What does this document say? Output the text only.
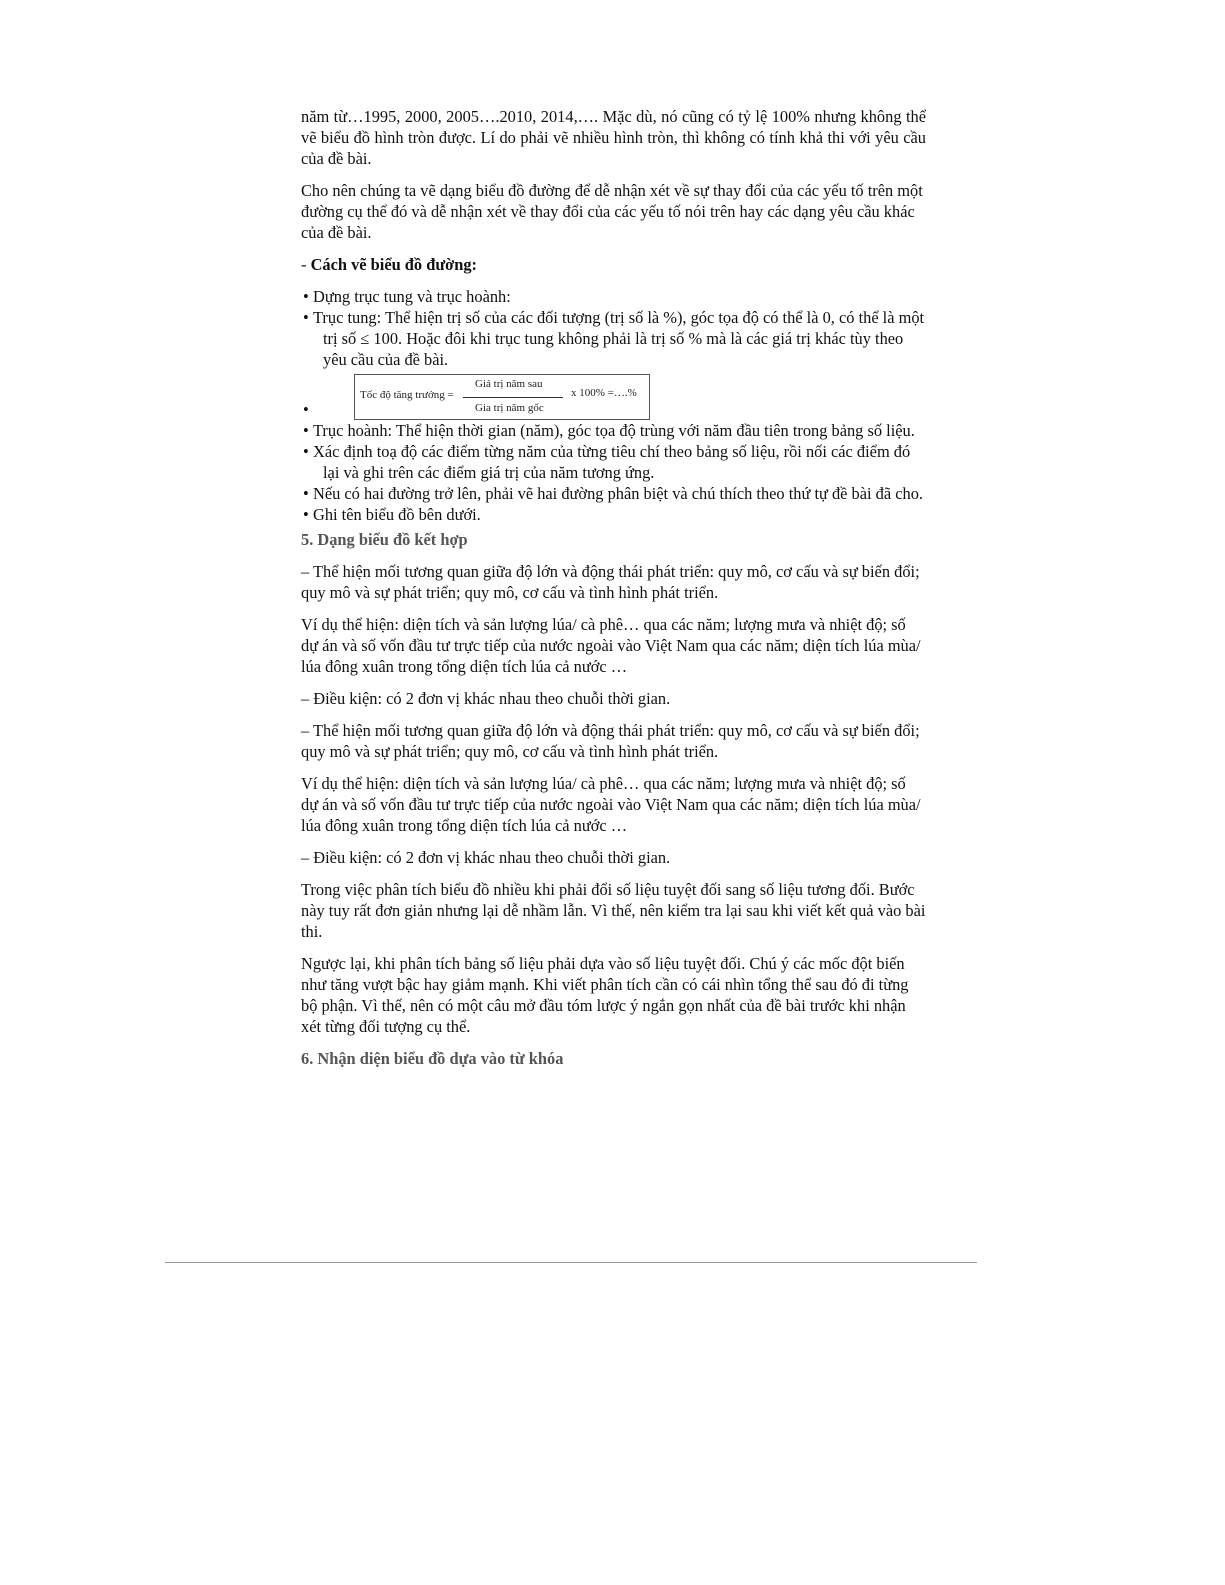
năm từ…1995, 2000, 2005….2010, 2014,…. Mặc dù, nó cũng có tỷ lệ 100% nhưng không thể vẽ biểu đồ hình tròn được. Lí do phải vẽ nhiều hình tròn, thì không có tính khả thi với yêu cầu của đề bài.

Cho nên chúng ta vẽ dạng biểu đồ đường để dễ nhận xét về sự thay đổi của các yếu tố trên một đường cụ thể đó và dễ nhận xét về thay đổi của các yếu tố nói trên hay các dạng yêu cầu khác của đề bài.

- Cách vẽ biểu đồ đường:

• Dựng trục tung và trục hoành:
• Trục tung: Thể hiện trị số của các đối tượng (trị số là %), góc tọa độ có thể là 0, có thể là một trị số ≤ 100. Hoặc đôi khi trục tung không phải là trị số % mà là các giá trị khác tùy theo yêu cầu của đề bài.
•
Tốc độ tăng trưởng =
Giá trị năm sau
Gia trị năm gốc
x 100% =….%
• Trục hoành: Thể hiện thời gian (năm), góc tọa độ trùng với năm đầu tiên trong bảng số liệu.
• Xác định toạ độ các điểm từng năm của từng tiêu chí theo bảng số liệu, rồi nối các điểm đó lại và ghi trên các điểm giá trị của năm tương ứng.
• Nếu có hai đường trở lên, phải vẽ hai đường phân biệt và chú thích theo thứ tự đề bài đã cho.
• Ghi tên biểu đồ bên dưới.
5. Dạng biểu đồ kết hợp

– Thể hiện mối tương quan giữa độ lớn và động thái phát triển: quy mô, cơ cấu và sự biến đổi; quy mô và sự phát triển; quy mô, cơ cấu và tình hình phát triển.

Ví dụ thể hiện: diện tích và sản lượng lúa/ cà phê… qua các năm; lượng mưa và nhiệt độ; số dự án và số vốn đầu tư trực tiếp của nước ngoài vào Việt Nam qua các năm; diện tích lúa mùa/ lúa đông xuân trong tổng diện tích lúa cả nước …

– Điều kiện: có 2 đơn vị khác nhau theo chuỗi thời gian.

– Thể hiện mối tương quan giữa độ lớn và động thái phát triển: quy mô, cơ cấu và sự biến đổi; quy mô và sự phát triển; quy mô, cơ cấu và tình hình phát triển.

Ví dụ thể hiện: diện tích và sản lượng lúa/ cà phê… qua các năm; lượng mưa và nhiệt độ; số dự án và số vốn đầu tư trực tiếp của nước ngoài vào Việt Nam qua các năm; diện tích lúa mùa/ lúa đông xuân trong tổng diện tích lúa cả nước …

– Điều kiện: có 2 đơn vị khác nhau theo chuỗi thời gian.

Trong việc phân tích biểu đồ nhiều khi phải đổi số liệu tuyệt đối sang số liệu tương đối. Bước này tuy rất đơn giản nhưng lại dễ nhầm lẫn. Vì thế, nên kiểm tra lại sau khi viết kết quả vào bài thi.

Ngược lại, khi phân tích bảng số liệu phải dựa vào số liệu tuyệt đối. Chú ý các mốc đột biến như tăng vượt bậc hay giảm mạnh. Khi viết phân tích cần có cái nhìn tổng thể sau đó đi từng bộ phận. Vì thế, nên có một câu mở đầu tóm lược ý ngắn gọn nhất của đề bài trước khi nhận xét từng đối tượng cụ thể.

6. Nhận diện biểu đồ dựa vào từ khóa
